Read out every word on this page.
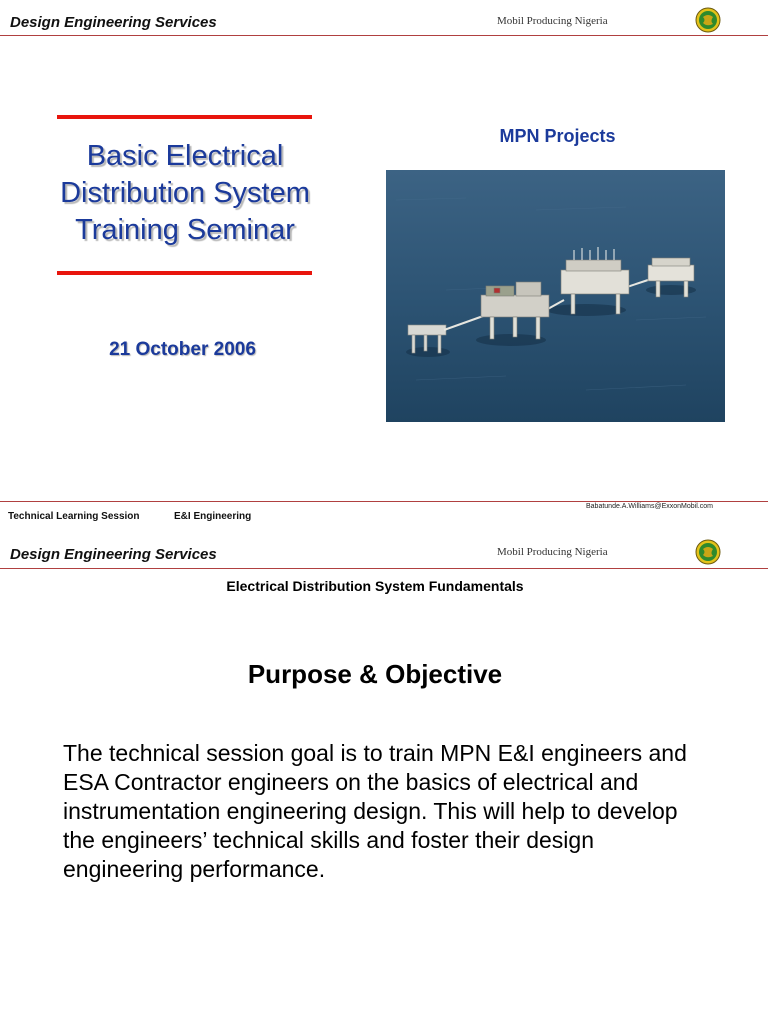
Design Engineering Services	Mobil Producing Nigeria
Basic Electrical
Distribution System
Training Seminar
21 October 2006
MPN Projects
Technical Learning Session	E&I Engineering
Babatunde.A.Williams@ExxonMobil.com
Design Engineering Services	Mobil Producing Nigeria
Electrical Distribution System Fundamentals
Purpose & Objective
The technical session goal is to train MPN E&I engineers and
ESA Contractor engineers on the basics of electrical and
instrumentation engineering design. This will help to develop
the engineers’ technical skills and foster their design
engineering performance.
